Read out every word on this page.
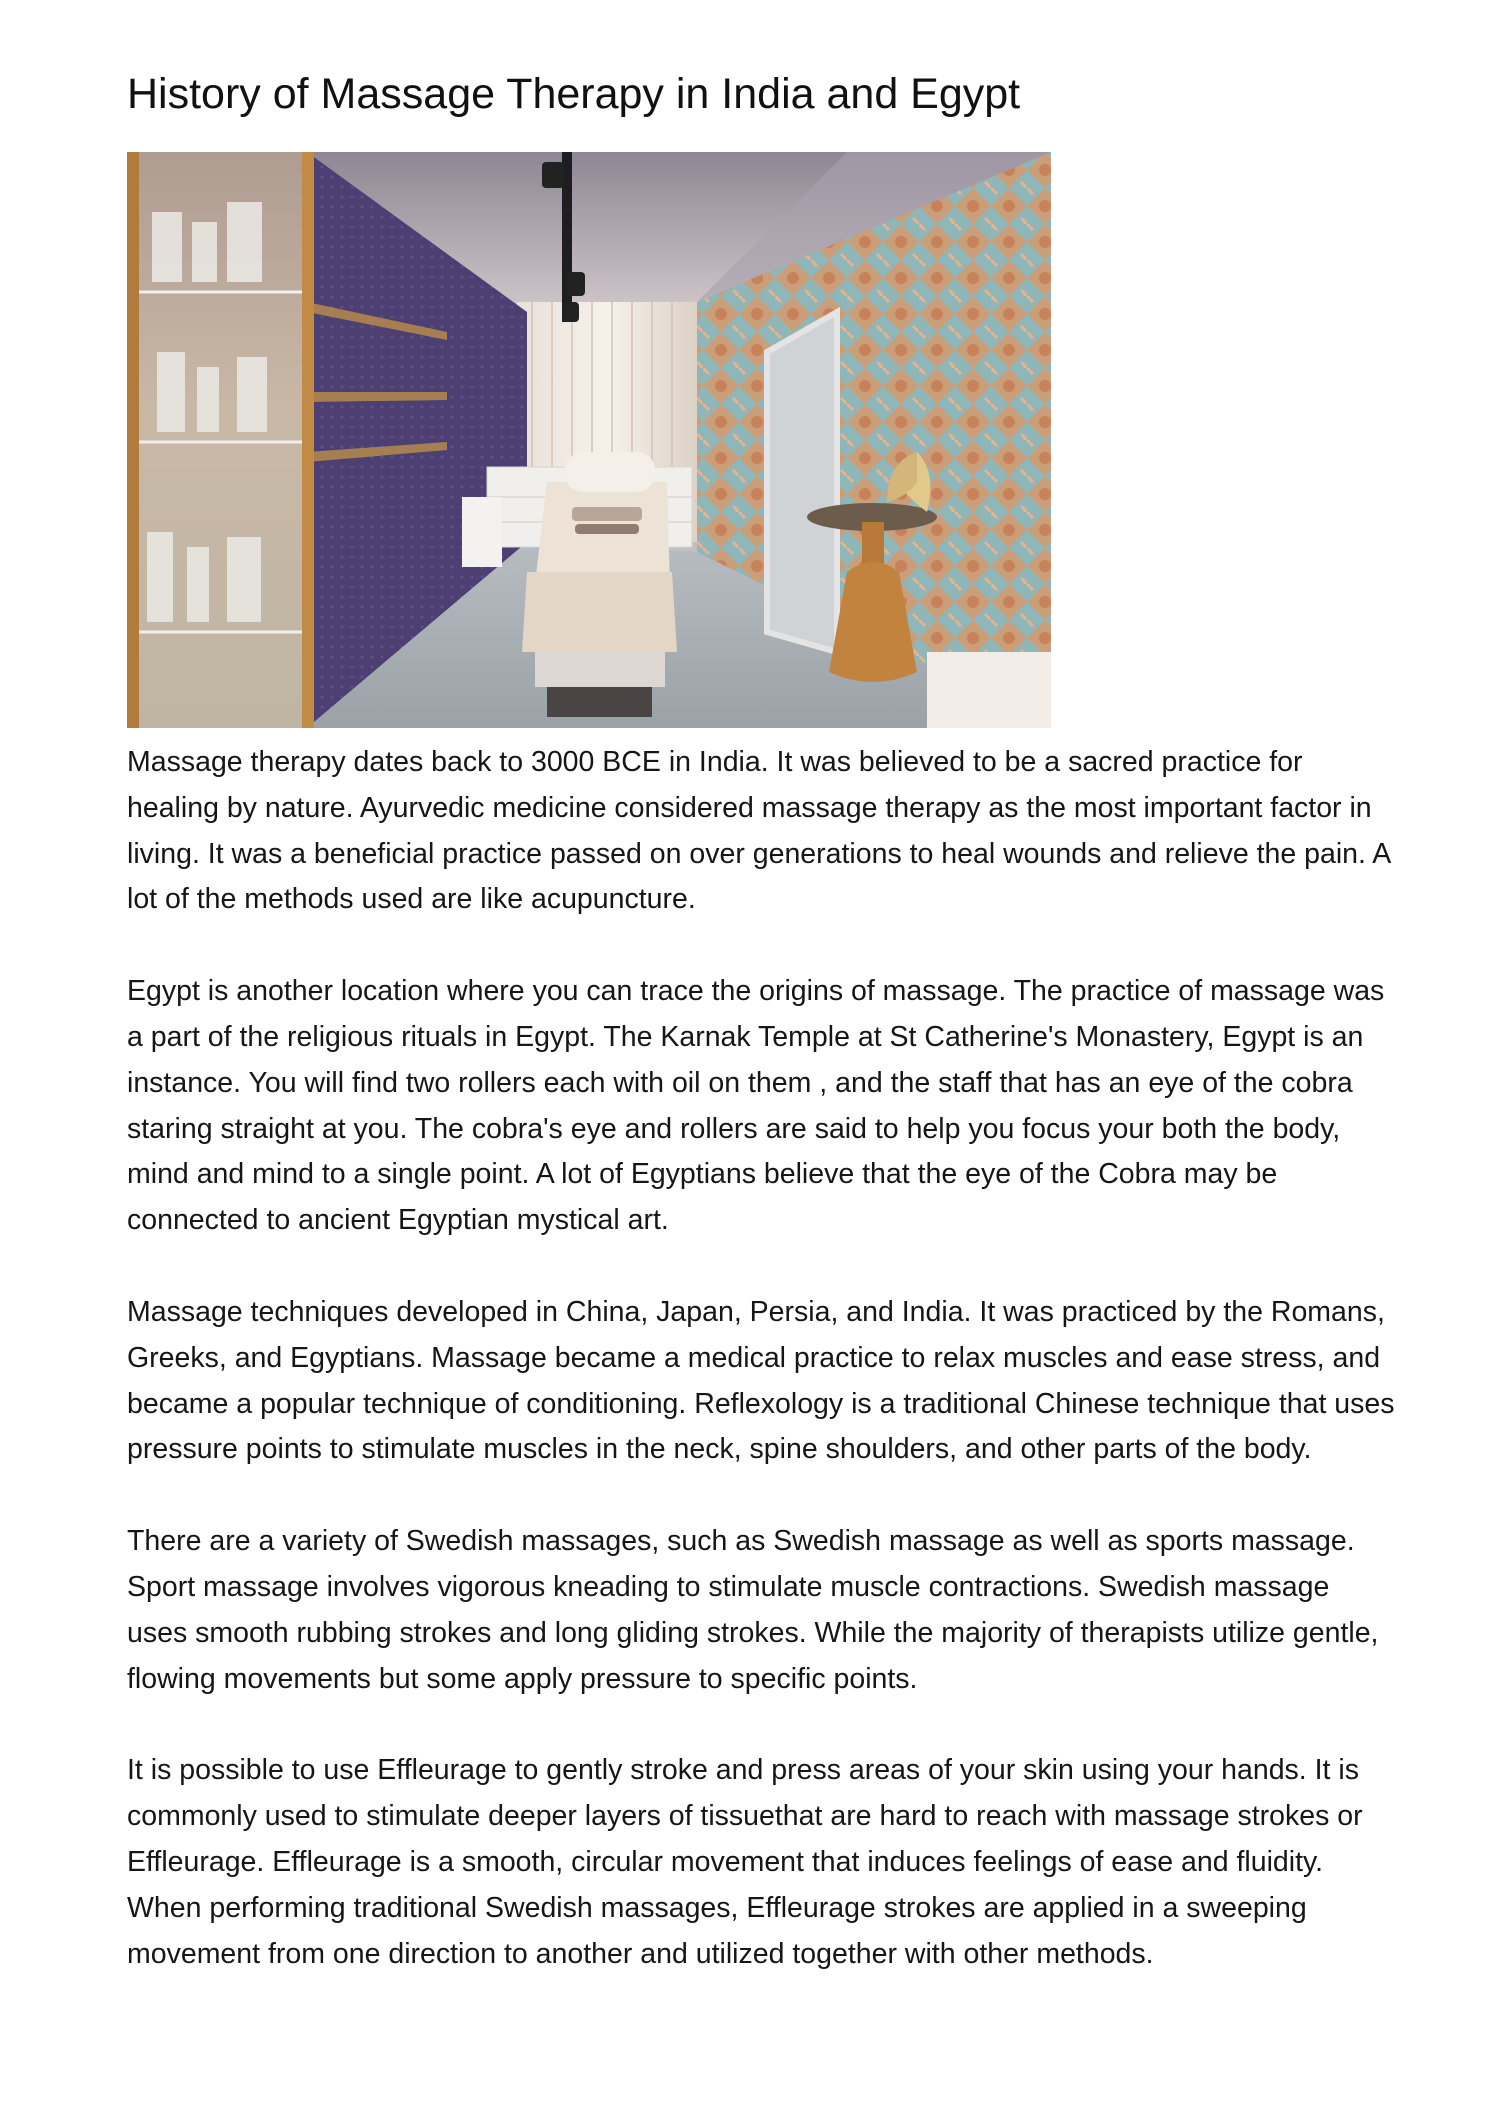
History of Massage Therapy in India and Egypt

Massage therapy dates back to 3000 BCE in India. It was believed to be a sacred practice for healing by nature. Ayurvedic medicine considered massage therapy as the most important factor in living. It was a beneficial practice passed on over generations to heal wounds and relieve the pain. A lot of the methods used are like acupuncture.

Egypt is another location where you can trace the origins of massage. The practice of massage was a part of the religious rituals in Egypt. The Karnak Temple at St Catherine's Monastery, Egypt is an instance. You will find two rollers each with oil on them , and the staff that has an eye of the cobra staring straight at you. The cobra's eye and rollers are said to help you focus your both the body, mind and mind to a single point. A lot of Egyptians believe that the eye of the Cobra may be connected to ancient Egyptian mystical art.

Massage techniques developed in China, Japan, Persia, and India. It was practiced by the Romans, Greeks, and Egyptians. Massage became a medical practice to relax muscles and ease stress, and became a popular technique of conditioning. Reflexology is a traditional Chinese technique that uses pressure points to stimulate muscles in the neck, spine shoulders, and other parts of the body.

There are a variety of Swedish massages, such as Swedish massage as well as sports massage. Sport massage involves vigorous kneading to stimulate muscle contractions. Swedish massage uses smooth rubbing strokes and long gliding strokes. While the majority of therapists utilize gentle, flowing movements but some apply pressure to specific points.

It is possible to use Effleurage to gently stroke and press areas of your skin using your hands. It is commonly used to stimulate deeper layers of tissuethat are hard to reach with massage strokes or Effleurage. Effleurage is a smooth, circular movement that induces feelings of ease and fluidity. When performing traditional Swedish massages, Effleurage strokes are applied in a sweeping movement from one direction to another and utilized together with other methods.
